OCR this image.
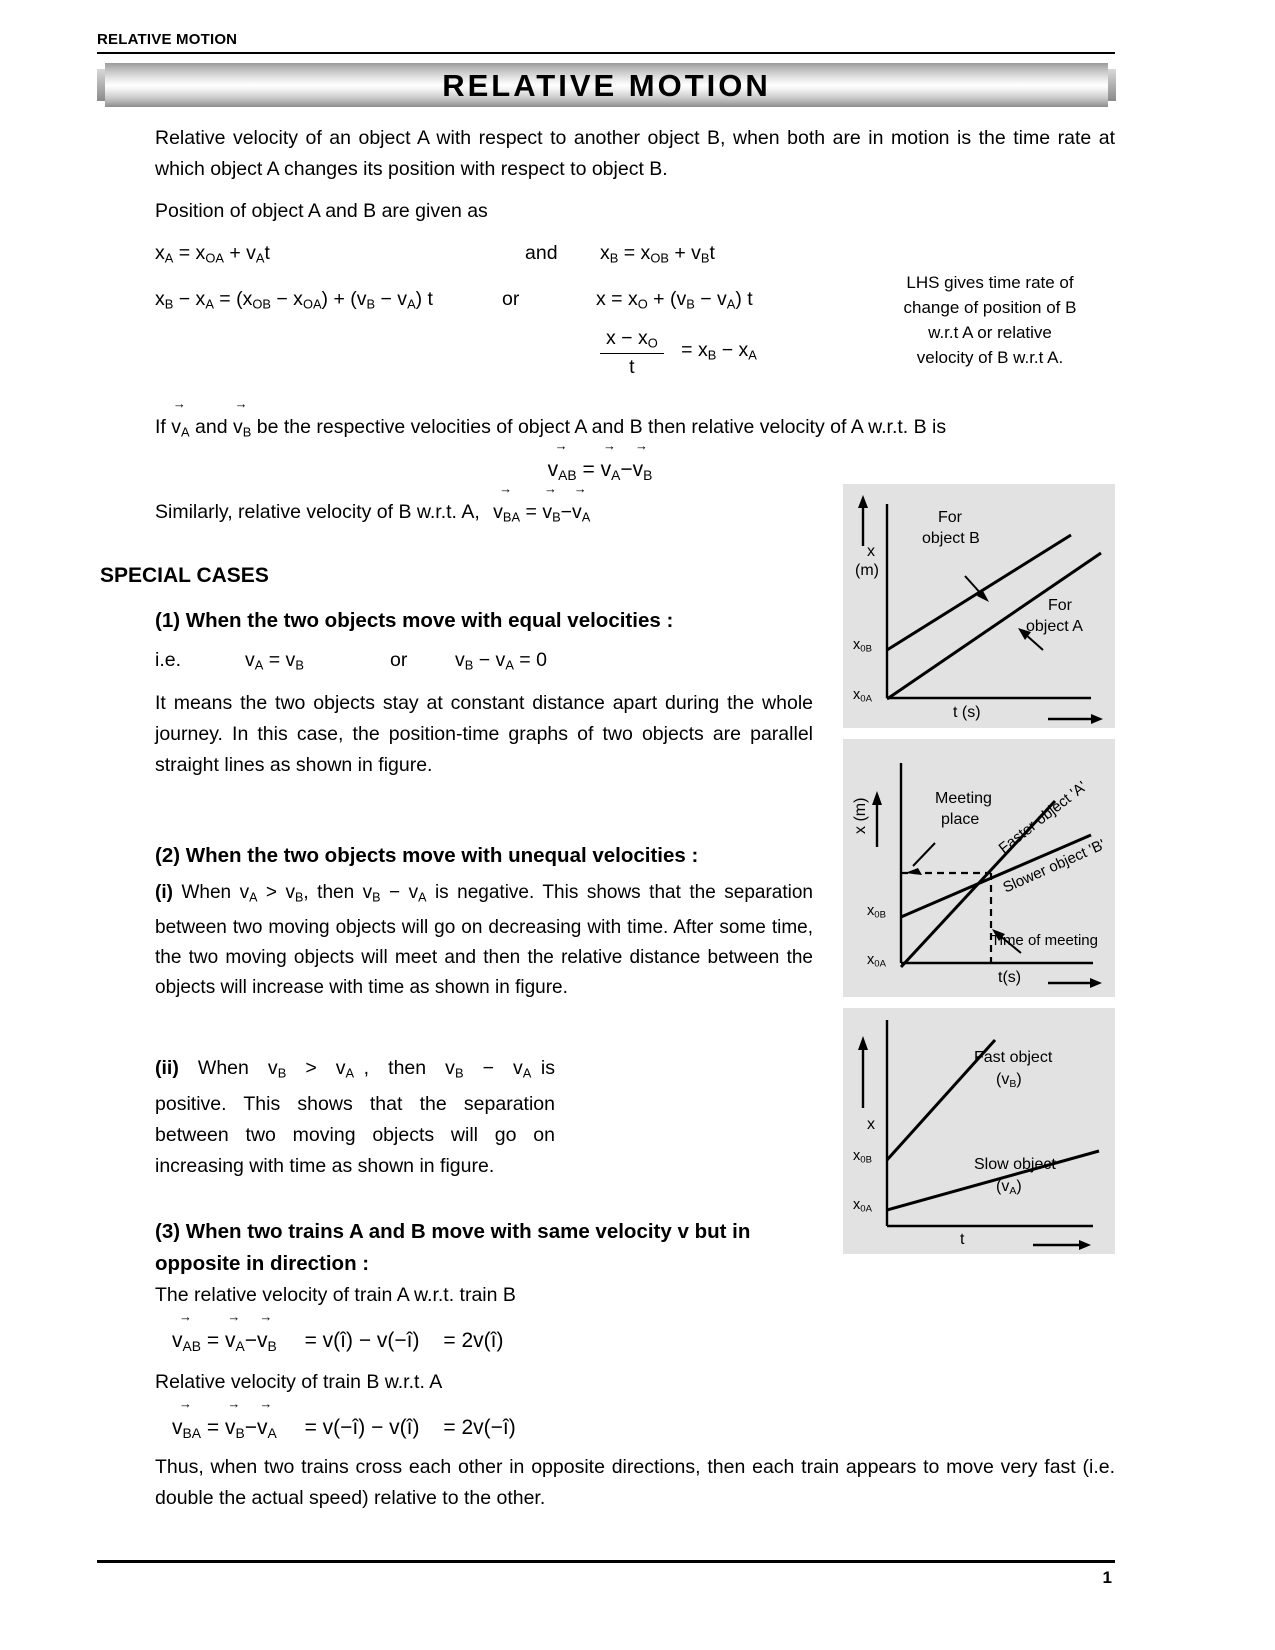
RELATIVE MOTION
RELATIVE MOTION
Relative velocity of an object A with respect to another object B, when both are in motion is the time rate at which object A changes its position with respect to object B.
Position of object A and B are given as
$x_A = x_{OA} + v_At$	and $x_B = x_{OB} + v_Bt$
$x_B - x_A = (x_{OB} - x_{OA}) + (v_B - v_A)$ t	or	$x = x_O + (v_B - v_A)$ t
$\frac{x - x_O}{t} = x_B - x_A$
LHS gives time rate of
change of position of B
w.r.t A or relative
velocity of B w.r.t A.
If
→
$v_A$ and
→
$v_B$ be the respective velocities of object A and B then relative velocity of A w.r.t. B is
→
$v_{AB}$ =
→
$v_A-$
→
$v_B$
Similarly, relative velocity of B w.r.t. A,
→
$v_{BA}$ =
→
$v_B-$
→
$v_A$
SPECIAL CASES
(1) When the two objects move with equal velocities :
i.e.	$v_A = v_B$	or $v_B - v_A = 0$
It means the two objects stay at constant distance apart during the whole journey. In this case, the position-time graphs of two objects are parallel straight lines as shown in figure.
(2) When the two objects move with unequal velocities :
(i) When $v_A > v_B$, then $v_B - v_A$ is negative. This shows that the separation between two moving objects will go on decreasing with time. After some time, the two moving objects will meet and then the relative distance between the objects will increase with time as shown in figure.
(ii)  When  $v_B > v_A$ ,  then  $v_B - v_A$ is positive. This shows that the separation between two moving objects will go on increasing with time as shown in figure.
(3) When two trains A and B move with same velocity v but in opposite in direction :
The relative velocity of train A w.r.t. train B
→
$v_{AB}$ =
→
$v_A-$
→
$v_B$ = v(î) − v(−î) = 2v(î)
Relative velocity of train B w.r.t. A
→
$v_{BA}$ =
→
$v_B-$
→
$v_A$ = v(−î) − v(î) = 2v(−î)
Thus, when two trains cross each other in opposite directions, then each train appears to move very fast (i.e. double the actual speed) relative to the other.
x
(m)
$x_{0B}$
$x_{0A}$
For
object B
For
object A
t (s)
x (m)
$x_{0B}$
$x_{0A}$
Meeting
place Faster object 'A'
Slower object 'B'
Time of meeting
t(s)
x
$x_{0B}$
$x_{0A}$
Fast object
$(v_B)$
Slow object
$(v_A)$
t
1
